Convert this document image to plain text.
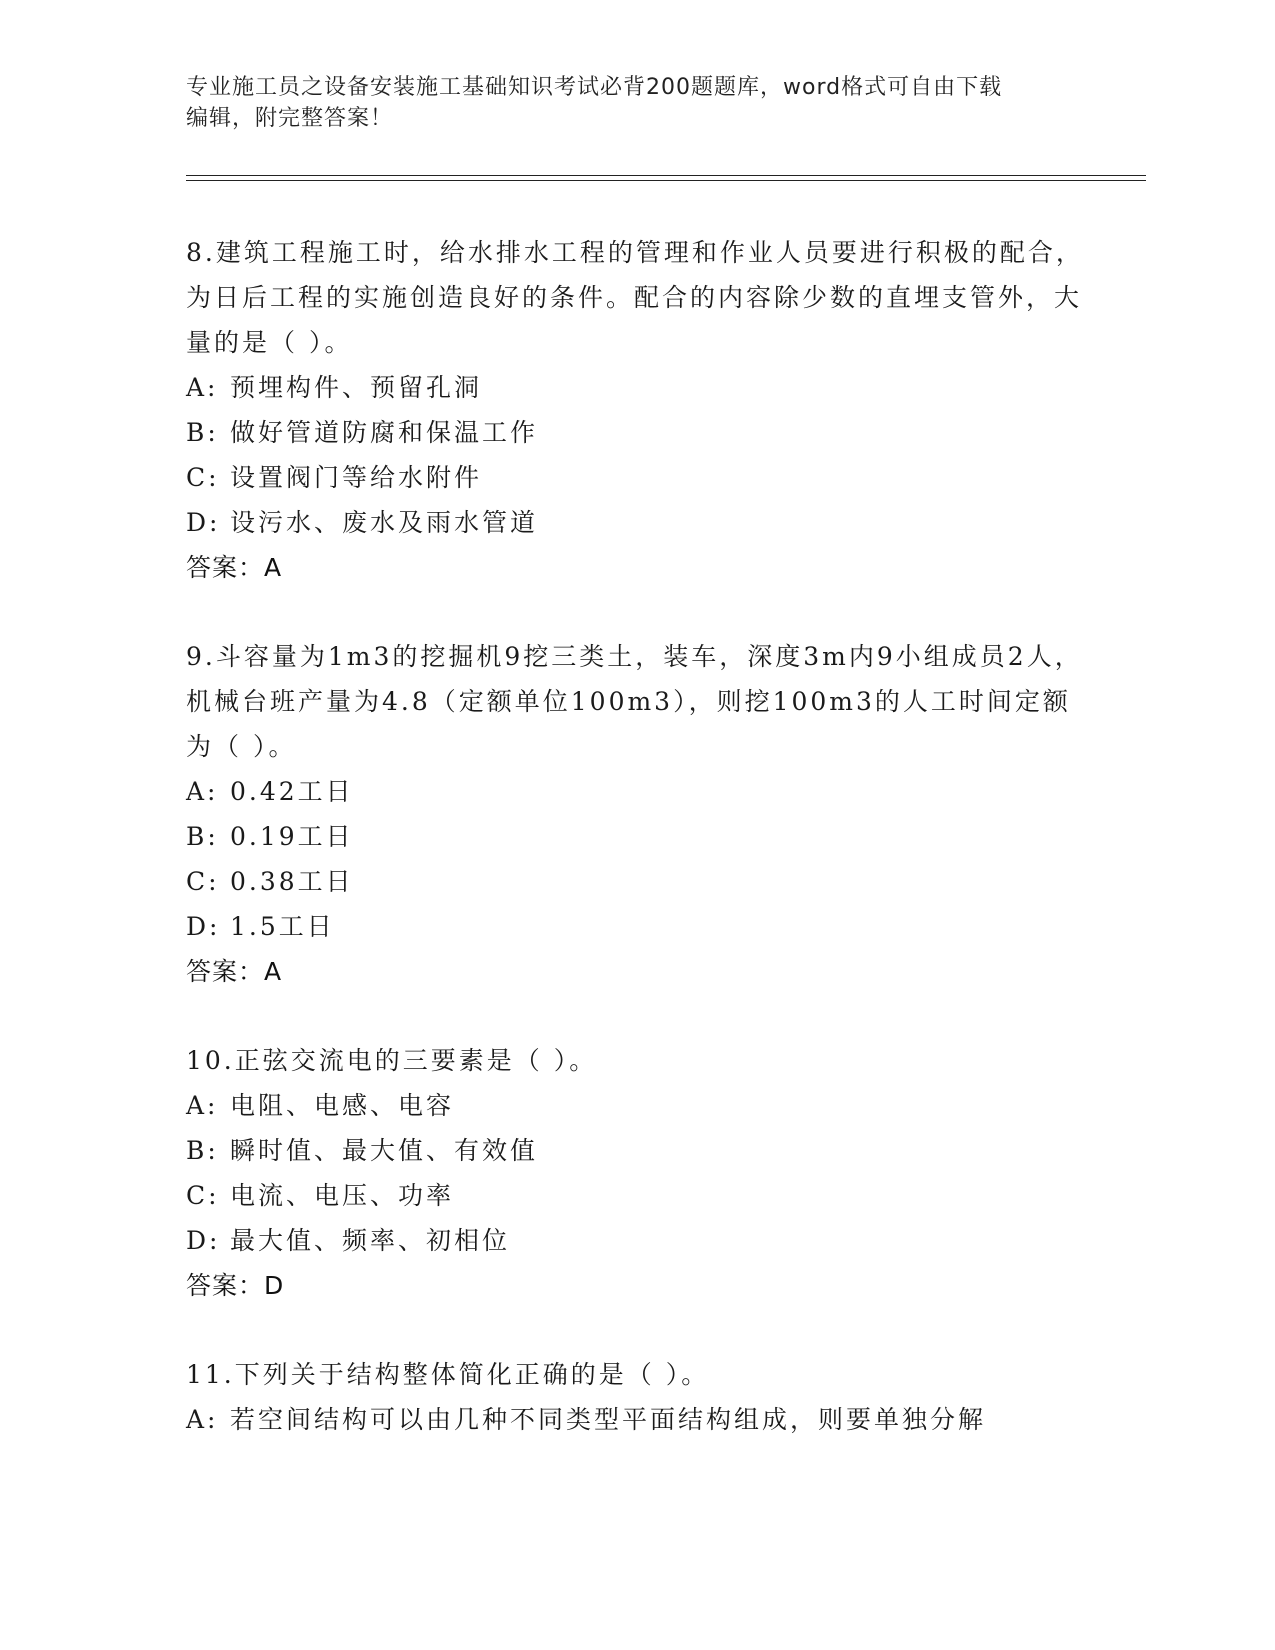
专业施工员之设备安装施工基础知识考试必背200题题库，word格式可自由下载
编辑，附完整答案！
8.建筑工程施工时，给水排水工程的管理和作业人员要进行积极的配合，为日后工程的实施创造良好的条件。配合的内容除少数的直埋支管外，大量的是（ ）。
A: 预埋构件、预留孔洞
B: 做好管道防腐和保温工作
C: 设置阀门等给水附件
D: 设污水、废水及雨水管道
答案：A
9.斗容量为1m3的挖掘机9挖三类土，装车，深度3m内9小组成员2人，机械台班产量为4.8（定额单位100m3），则挖100m3的人工时间定额为（ ）。
A: 0.42工日
B: 0.19工日
C: 0.38工日
D: 1.5工日
答案：A
10.正弦交流电的三要素是（ ）。
A: 电阻、电感、电容
B: 瞬时值、最大值、有效值
C: 电流、电压、功率
D: 最大值、频率、初相位
答案：D
11.下列关于结构整体简化正确的是（ ）。
A: 若空间结构可以由几种不同类型平面结构组成，则要单独分解
